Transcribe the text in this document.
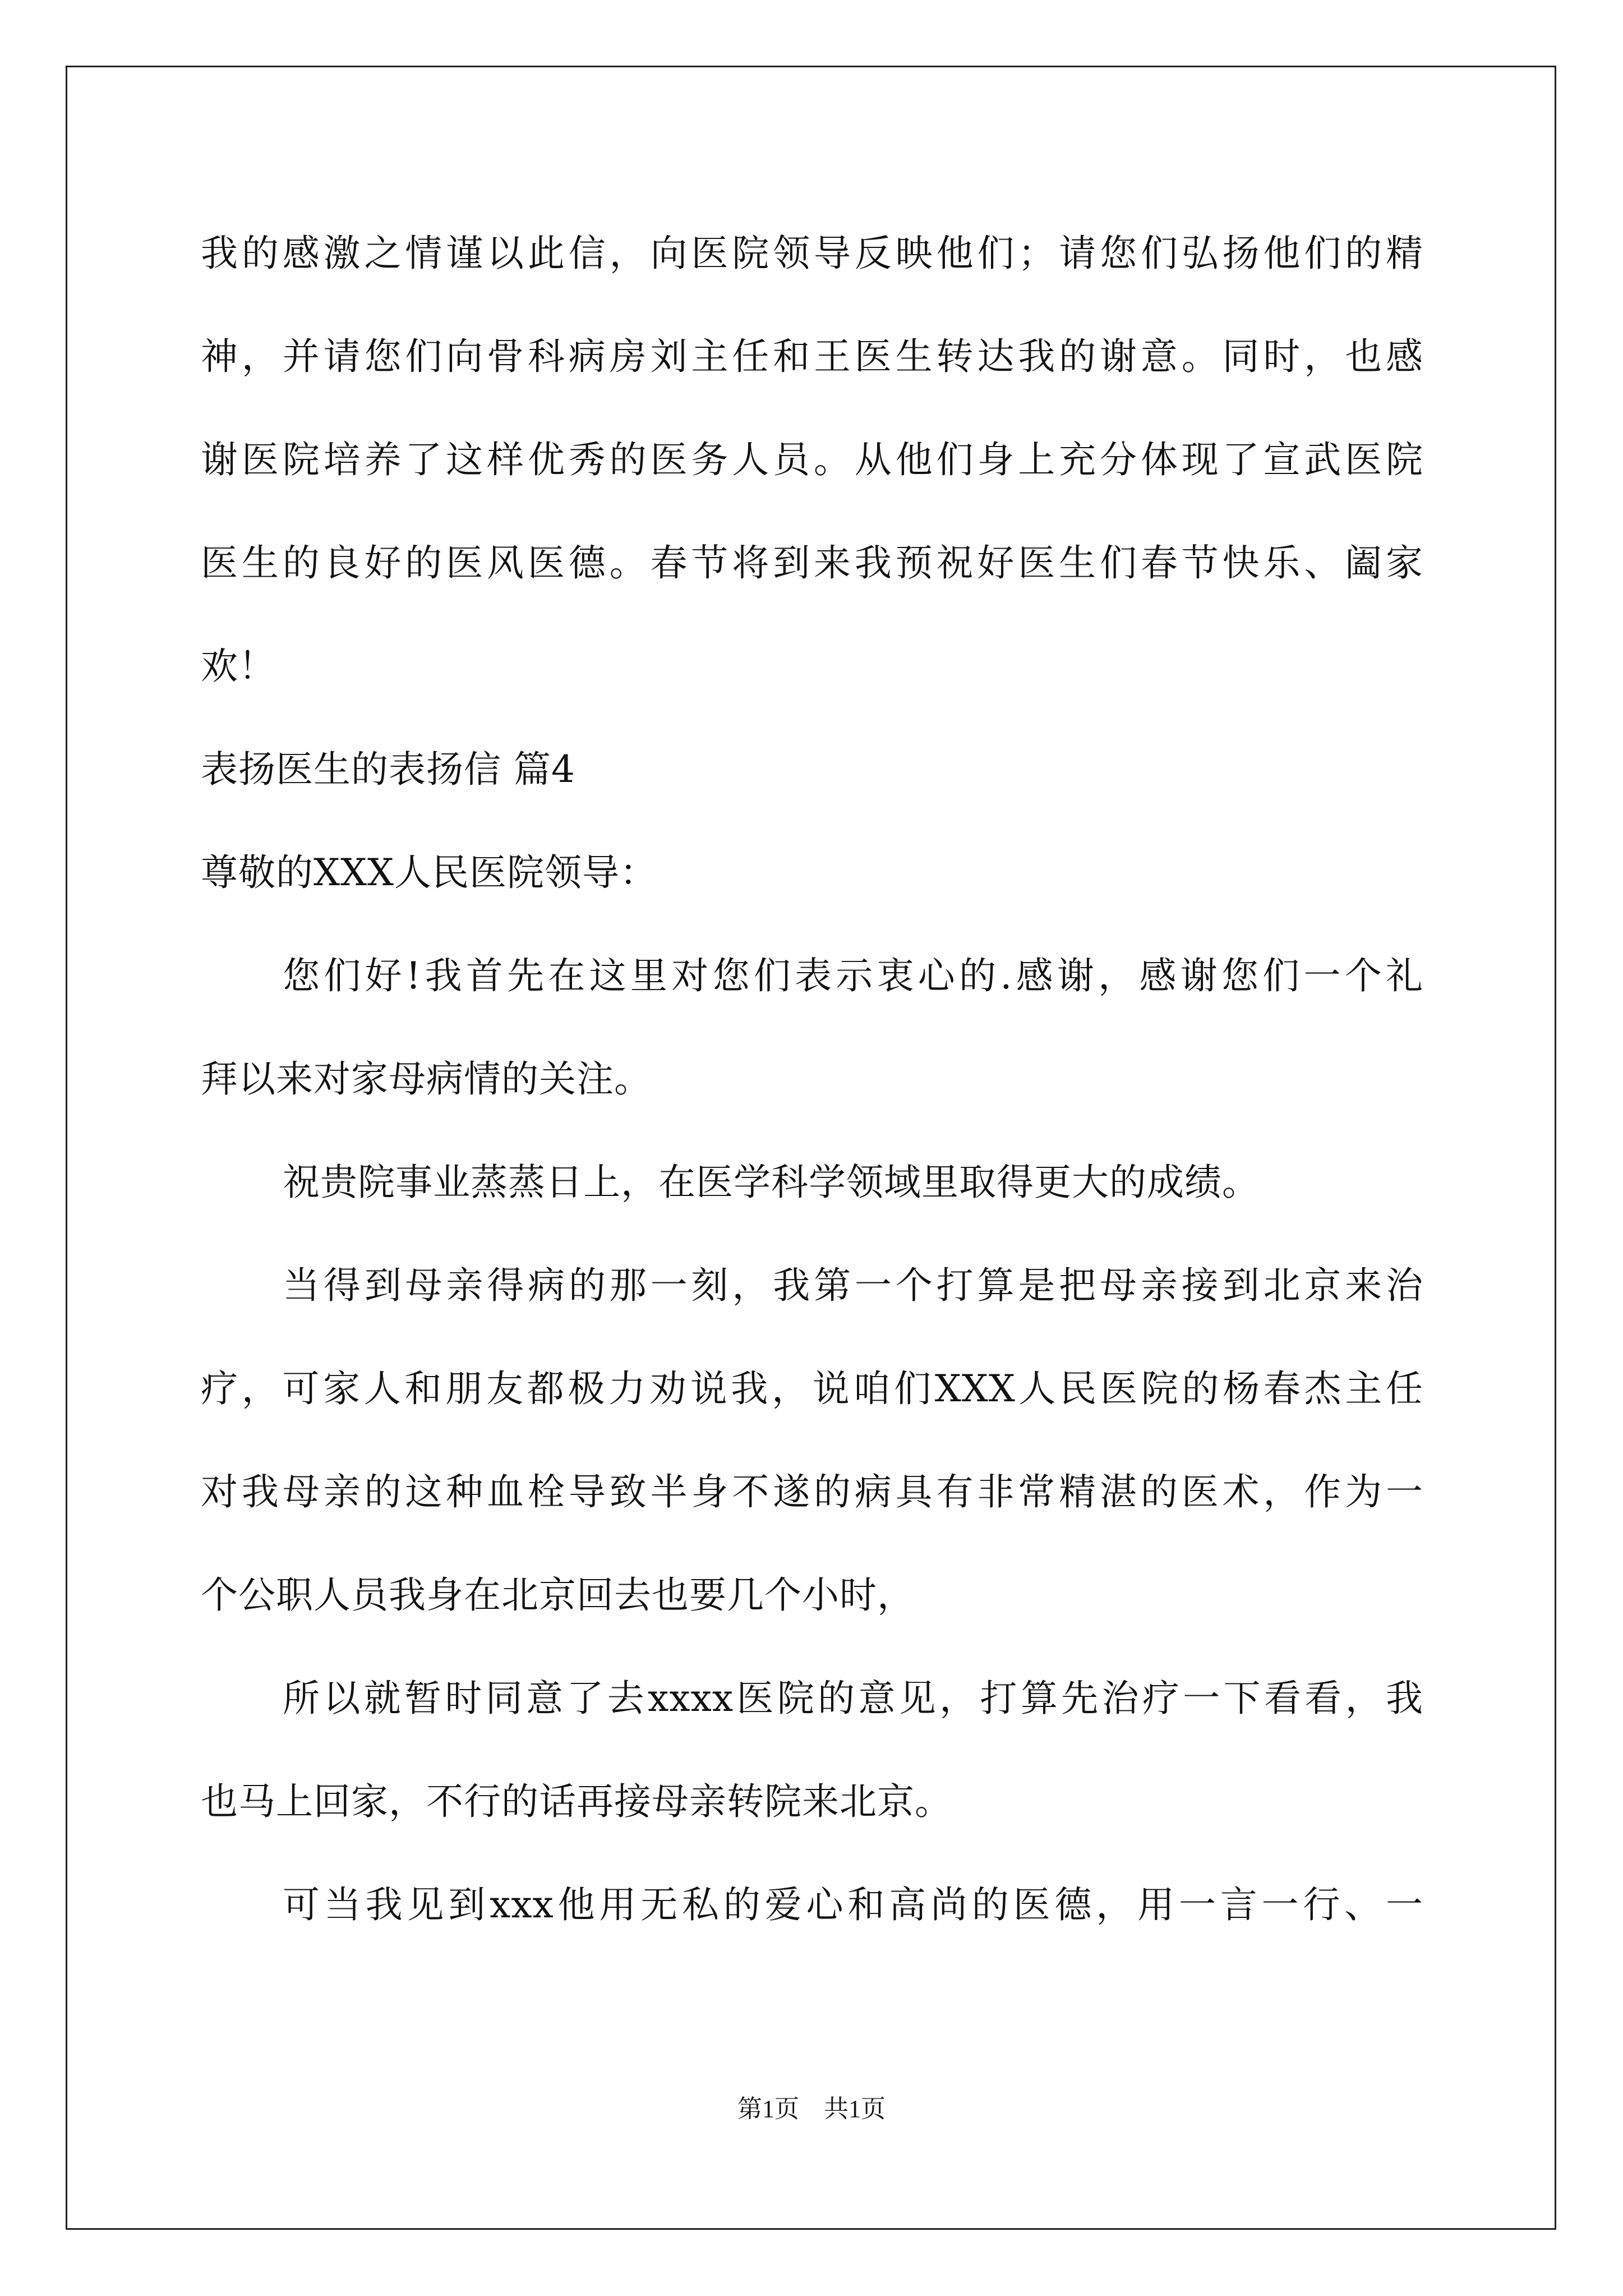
我的感激之情谨以此信，向医院领导反映他们；请您们弘扬他们的精
神，并请您们向骨科病房刘主任和王医生转达我的谢意。同时，也感
谢医院培养了这样优秀的医务人员。从他们身上充分体现了宣武医院
医生的良好的医风医德。春节将到来我预祝好医生们春节快乐、阖家
欢！
表扬医生的表扬信 篇4
尊敬的XXX人民医院领导：
您们好!我首先在这里对您们表示衷心的.感谢，感谢您们一个礼
拜以来对家母病情的关注。
祝贵院事业蒸蒸日上，在医学科学领域里取得更大的成绩。
当得到母亲得病的那一刻，我第一个打算是把母亲接到北京来治
疗，可家人和朋友都极力劝说我，说咱们XXX人民医院的杨春杰主任
对我母亲的这种血栓导致半身不遂的病具有非常精湛的医术，作为一
个公职人员我身在北京回去也要几个小时，
所以就暂时同意了去xxxx医院的意见，打算先治疗一下看看，我
也马上回家，不行的话再接母亲转院来北京。
可当我见到xxx他用无私的爱心和高尚的医德，用一言一行、一
第1页　共1页
